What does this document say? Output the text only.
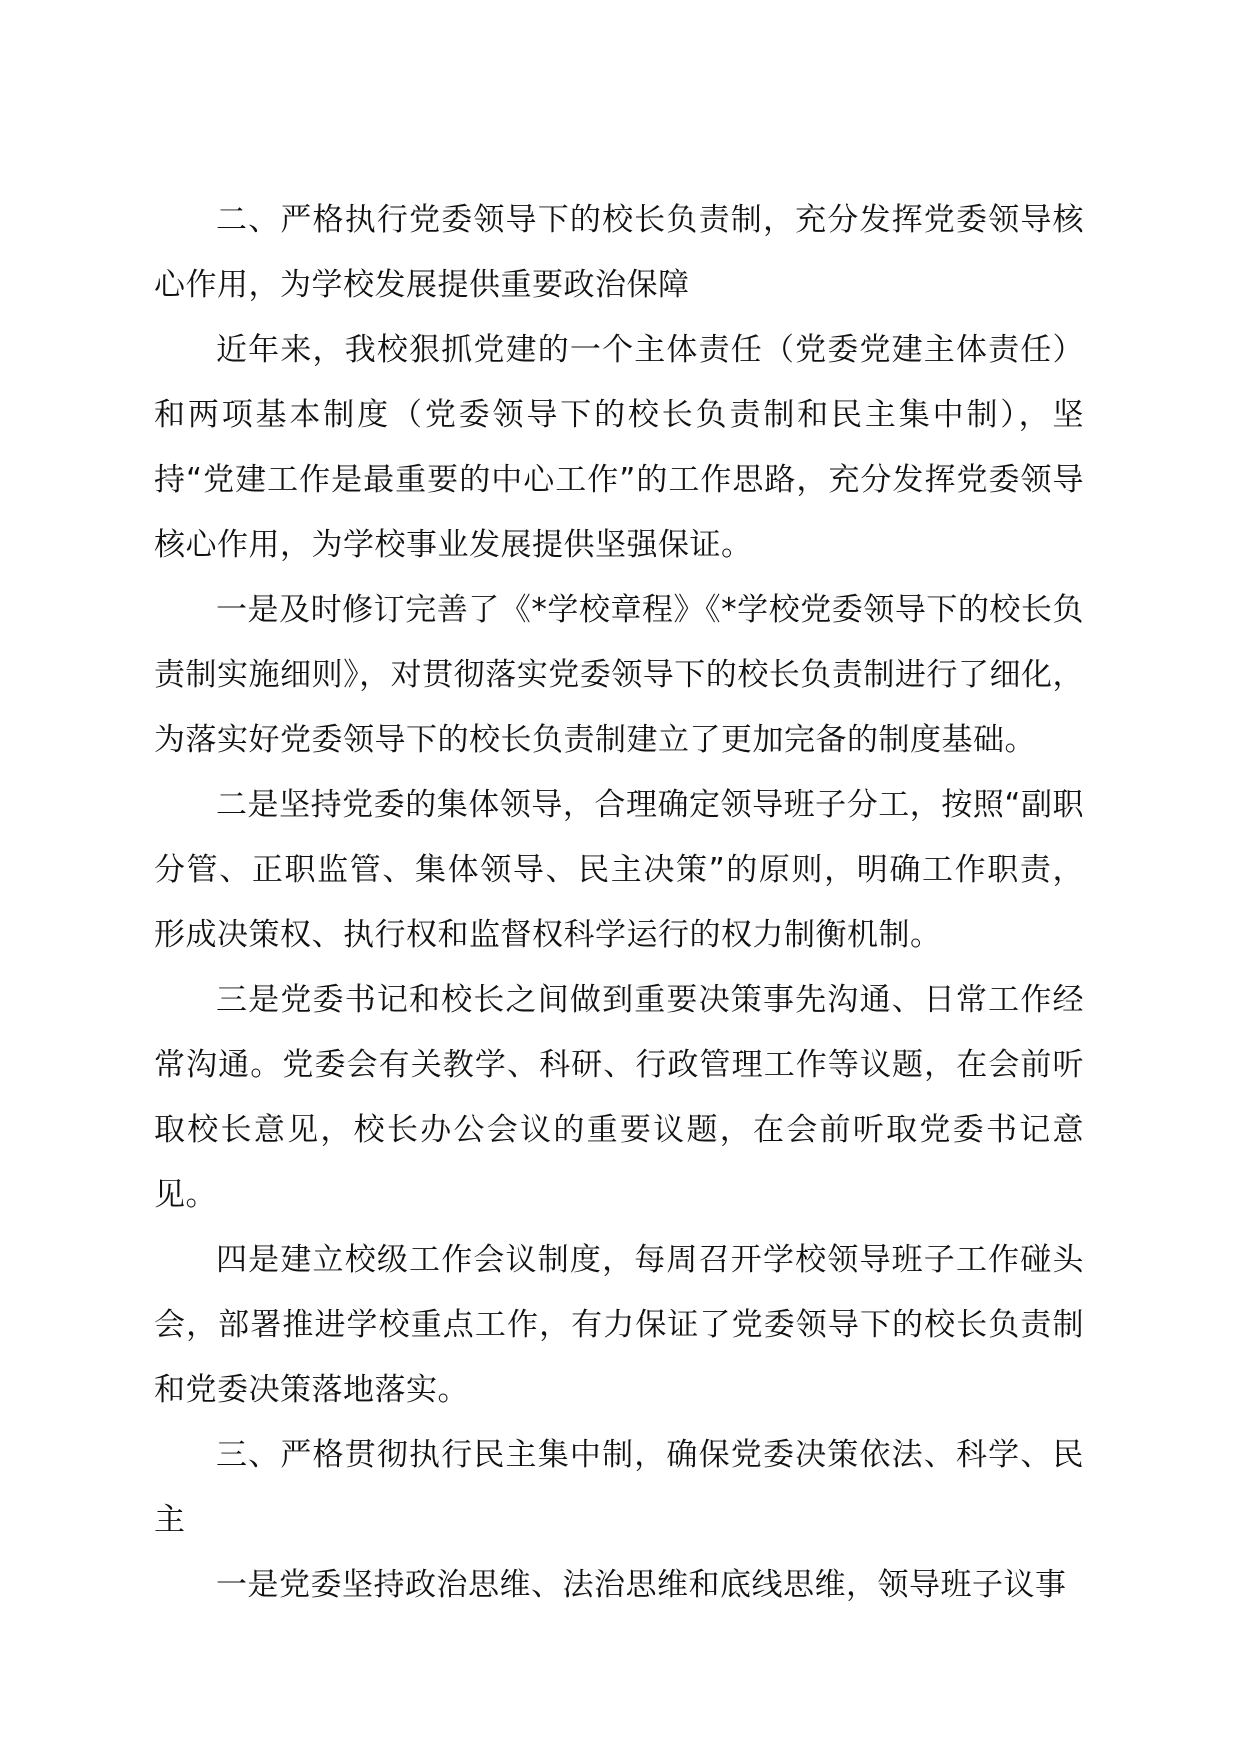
二、严格执行党委领导下的校长负责制，充分发挥党委领导核心作用，为学校发展提供重要政治保障

近年来，我校狠抓党建的一个主体责任（党委党建主体责任）和两项基本制度（党委领导下的校长负责制和民主集中制），坚持“党建工作是最重要的中心工作”的工作思路，充分发挥党委领导核心作用，为学校事业发展提供坚强保证。

一是及时修订完善了《*学校章程》《*学校党委领导下的校长负责制实施细则》，对贯彻落实党委领导下的校长负责制进行了细化，为落实好党委领导下的校长负责制建立了更加完备的制度基础。

二是坚持党委的集体领导，合理确定领导班子分工，按照“副职分管、正职监管、集体领导、民主决策”的原则，明确工作职责，形成决策权、执行权和监督权科学运行的权力制衡机制。

三是党委书记和校长之间做到重要决策事先沟通、日常工作经常沟通。党委会有关教学、科研、行政管理工作等议题，在会前听取校长意见，校长办公会议的重要议题，在会前听取党委书记意见。

四是建立校级工作会议制度，每周召开学校领导班子工作碰头会，部署推进学校重点工作，有力保证了党委领导下的校长负责制和党委决策落地落实。

三、严格贯彻执行民主集中制，确保党委决策依法、科学、民主

一是党委坚持政治思维、法治思维和底线思维，领导班子议事
